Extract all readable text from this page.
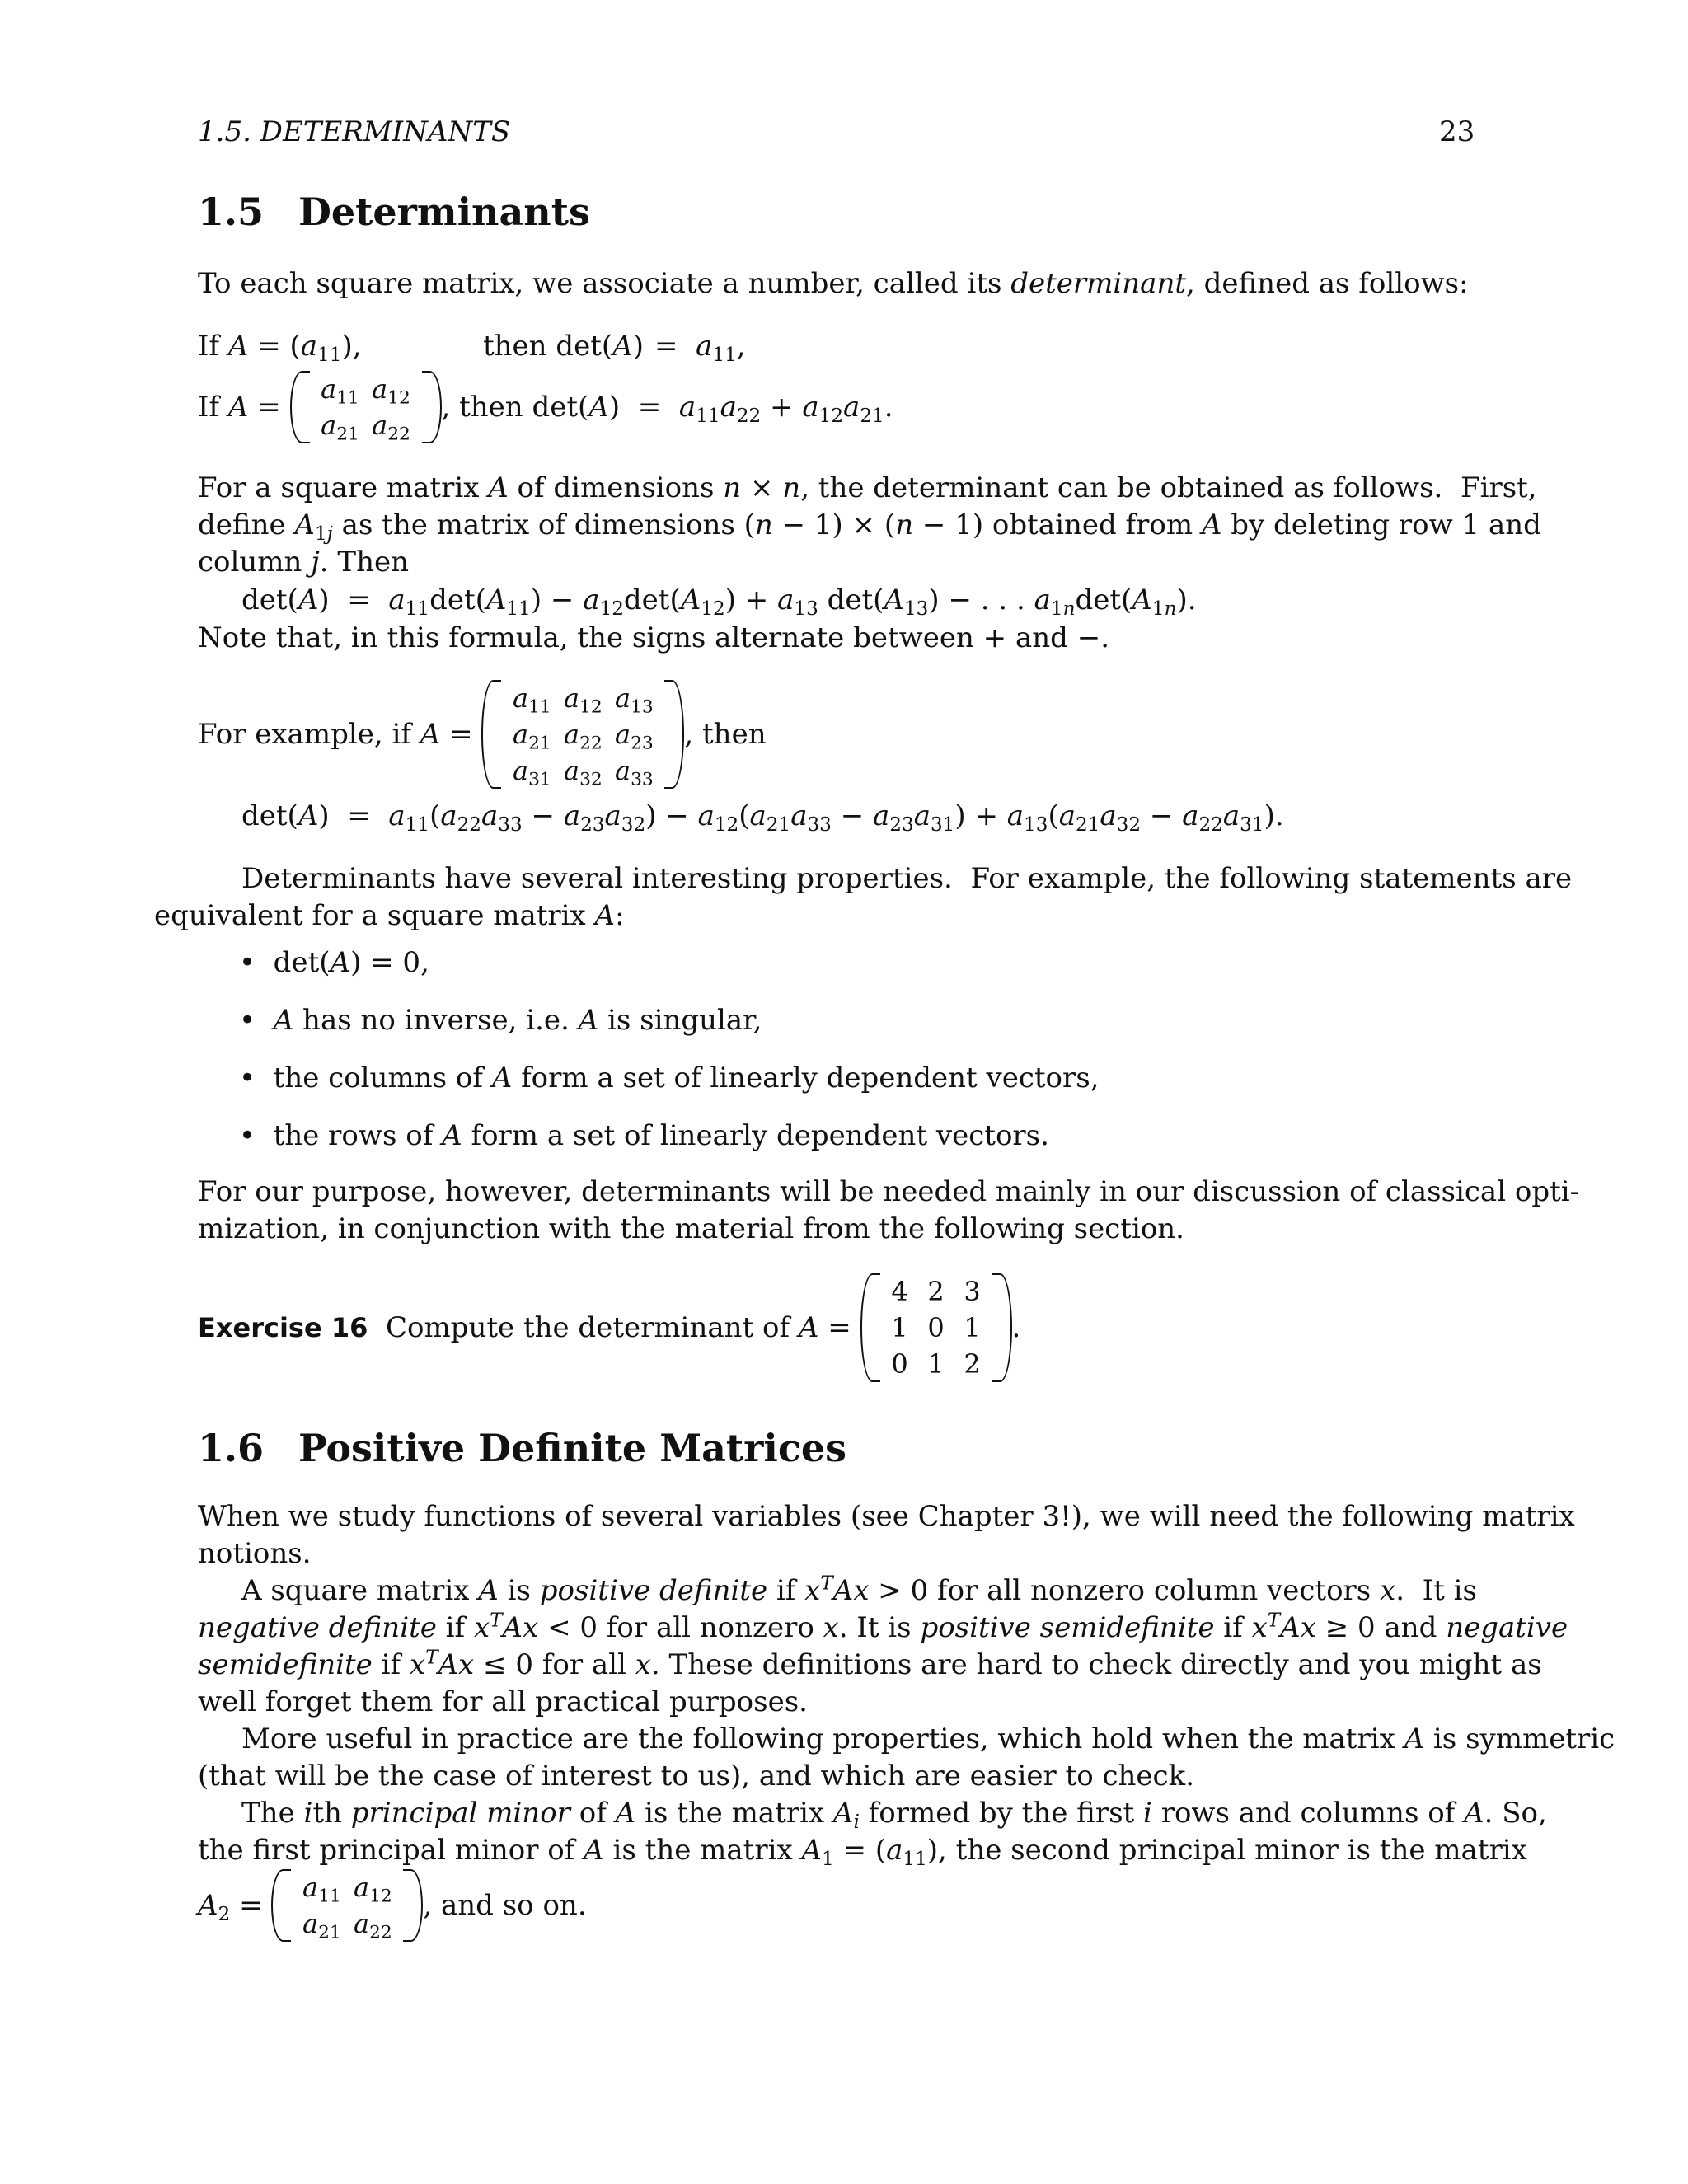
1.5. DETERMINANTS	23
1.5 Determinants
To each square matrix, we associate a number, called its determinant, defined as follows:
If $A = (a_{11})$,	then $\det(A) = a_{11}$,
If A =
$a_{11}$ $a_{12}$
$a_{21}$ $a_{22}$
, then $\det(A) = a_{11}a_{22} + a_{12}a_{21}$.
For a square matrix A of dimensions n × n, the determinant can be obtained as follows.  First,
define $A_{1j}$ as the matrix of dimensions (n − 1) × (n − 1) obtained from A by deleting row 1 and
column j. Then
$\det(A) = a_{11}\det(A_{11}) - a_{12}\det(A_{12}) + a_{13}$ $\det(A_{13})$ − . . . $a_{1n}\det(A_{1n})$.
Note that, in this formula, the signs alternate between + and −.
For example, if A =
$a_{11}$ $a_{12}$ $a_{13}$
$a_{21}$ $a_{22}$ $a_{23}$
$a_{31}$ $a_{32}$ $a_{33}$
, then
$\det(A) = a_{11}(a_{22}a_{33} - a_{23}a_{32}) - a_{12}(a_{21}a_{33} - a_{23}a_{31}) + a_{13}(a_{21}a_{32} - a_{22}a_{31})$.
Determinants have several interesting properties.  For example, the following statements are
equivalent for a square matrix A:
•  det(A) = 0,
• A has no inverse, i.e. A is singular,
•  the columns of A form a set of linearly dependent vectors,
•  the rows of A form a set of linearly dependent vectors.
For our purpose, however, determinants will be needed mainly in our discussion of classical opti-
mization, in conjunction with the material from the following section.
Exercise 16 Compute the determinant of A =
4 2 3
1 0 1
0 1 2
.
1.6 Positive Definite Matrices
When we study functions of several variables (see Chapter 3!), we will need the following matrix
notions.
A square matrix A is positive definite if $x^TAx > 0$ for all nonzero column vectors x.  It is
negative definite if $x^TAx < 0$ for all nonzero x. It is positive semidefinite if $x^TAx \ge 0$ and negative
semidefinite if $x^TAx \le 0$ for all x. These definitions are hard to check directly and you might as
well forget them for all practical purposes.
More useful in practice are the following properties, which hold when the matrix A is symmetric
(that will be the case of interest to us), and which are easier to check.
The ith principal minor of A is the matrix $A_i$ formed by the first i rows and columns of A. So,
the first principal minor of A is the matrix $A_1 = (a_{11})$, the second principal minor is the matrix
$A_2$ =
$a_{11}$ $a_{12}$
$a_{21}$ $a_{22}$
, and so on.
